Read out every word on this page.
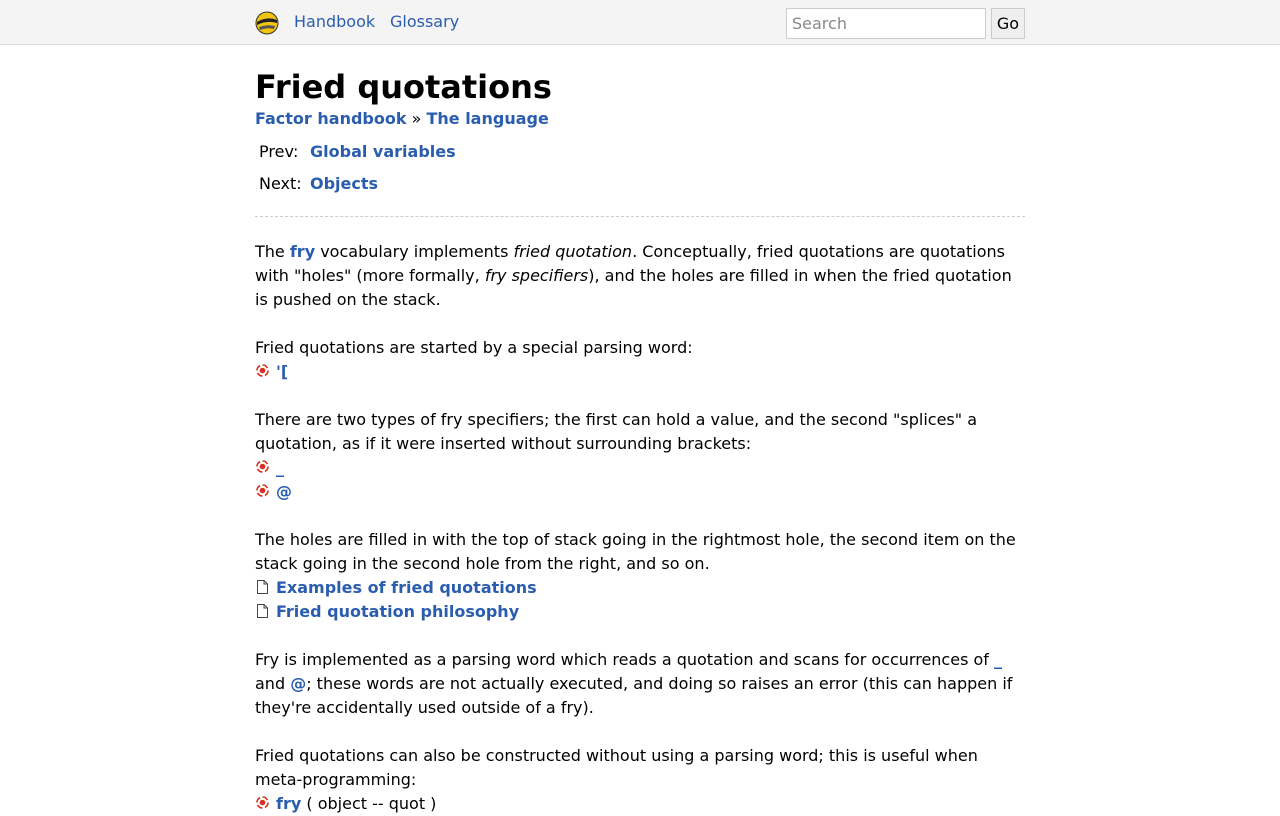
Handbook Glossary
Search	Go
Fried quotations
Factor handbook » The language
Prev: Global variables
Next: Objects

The fry vocabulary implements fried quotation. Conceptually, fried quotations are quotations with "holes" (more formally, fry specifiers), and the holes are filled in when the fried quotation is pushed on the stack.

Fried quotations are started by a special parsing word:

'[

There are two types of fry specifiers; the first can hold a value, and the second "splices" a quotation, as if it were inserted without surrounding brackets:

_
@

The holes are filled in with the top of stack going in the rightmost hole, the second item on the stack going in the second hole from the right, and so on.

Examples of fried quotations
Fried quotation philosophy

Fry is implemented as a parsing word which reads a quotation and scans for occurrences of _ and @; these words are not actually executed, and doing so raises an error (this can happen if they're accidentally used outside of a fry).

Fried quotations can also be constructed without using a parsing word; this is useful when meta-programming:

fry ( object -- quot )
